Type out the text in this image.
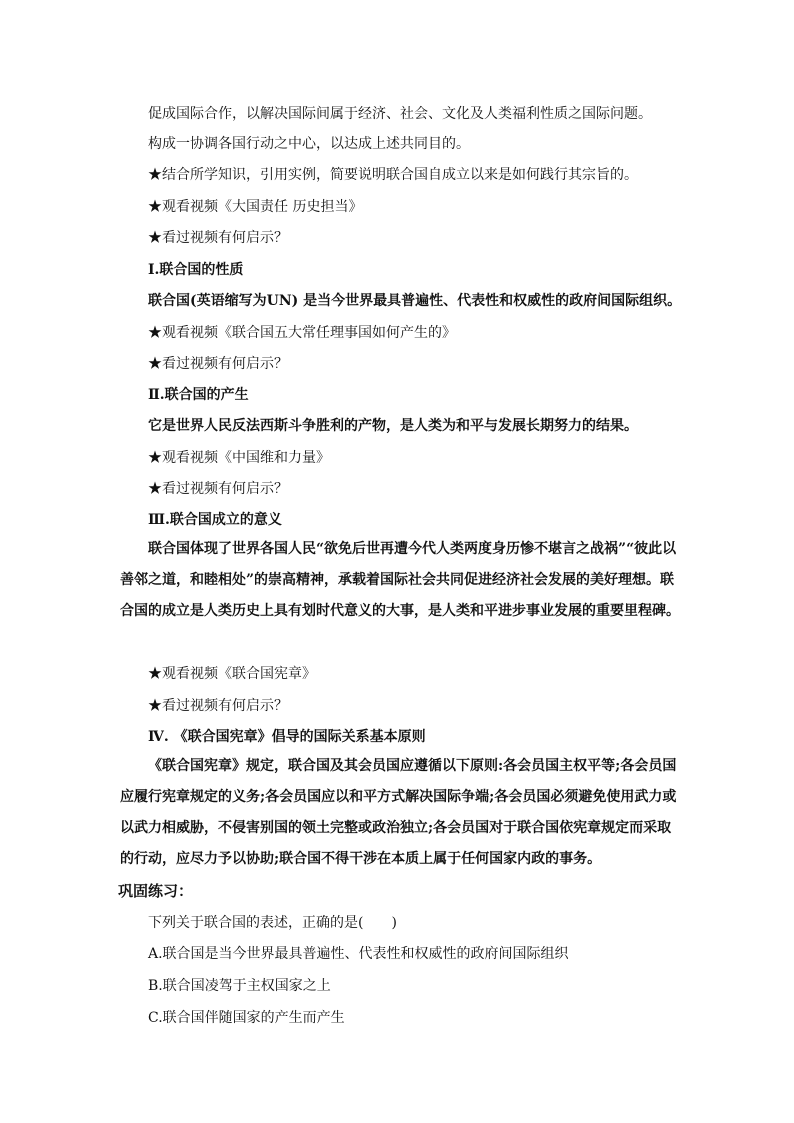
促成国际合作，以解决国际间属于经济、社会、文化及人类福利性质之国际问题。
构成一协调各国行动之中心，以达成上述共同目的。
★结合所学知识，引用实例，简要说明联合国自成立以来是如何践行其宗旨的。
★观看视频《大国责任 历史担当》
★看过视频有何启示？
Ⅰ.联合国的性质
联合国(英语缩写为UN) 是当今世界最具普遍性、代表性和权威性的政府间国际组织。
★观看视频《联合国五大常任理事国如何产生的》
★看过视频有何启示？
Ⅱ.联合国的产生
它是世界人民反法西斯斗争胜利的产物，是人类为和平与发展长期努力的结果。
★观看视频《中国维和力量》
★看过视频有何启示？
Ⅲ.联合国成立的意义
联合国体现了世界各国人民“欲免后世再遭今代人类两度身历惨不堪言之战祸”“彼此以善邻之道，和睦相处”的崇高精神，承载着国际社会共同促进经济社会发展的美好理想。联合国的成立是人类历史上具有划时代意义的大事，是人类和平进步事业发展的重要里程碑。
★观看视频《联合国宪章》
★看过视频有何启示？
Ⅳ. 《联合国宪章》倡导的国际关系基本原则
《联合国宪章》规定，联合国及其会员国应遵循以下原则:各会员国主权平等;各会员国应履行宪章规定的义务;各会员国应以和平方式解决国际争端;各会员国必须避免使用武力或以武力相威胁，不侵害别国的领土完整或政治独立;各会员国对于联合国依宪章规定而采取的行动，应尽力予以协助;联合国不得干涉在本质上属于任何国家内政的事务。
巩固练习：
下列关于联合国的表述，正确的是(　　)
A.联合国是当今世界最具普遍性、代表性和权威性的政府间国际组织
B.联合国凌驾于主权国家之上
C.联合国伴随国家的产生而产生
